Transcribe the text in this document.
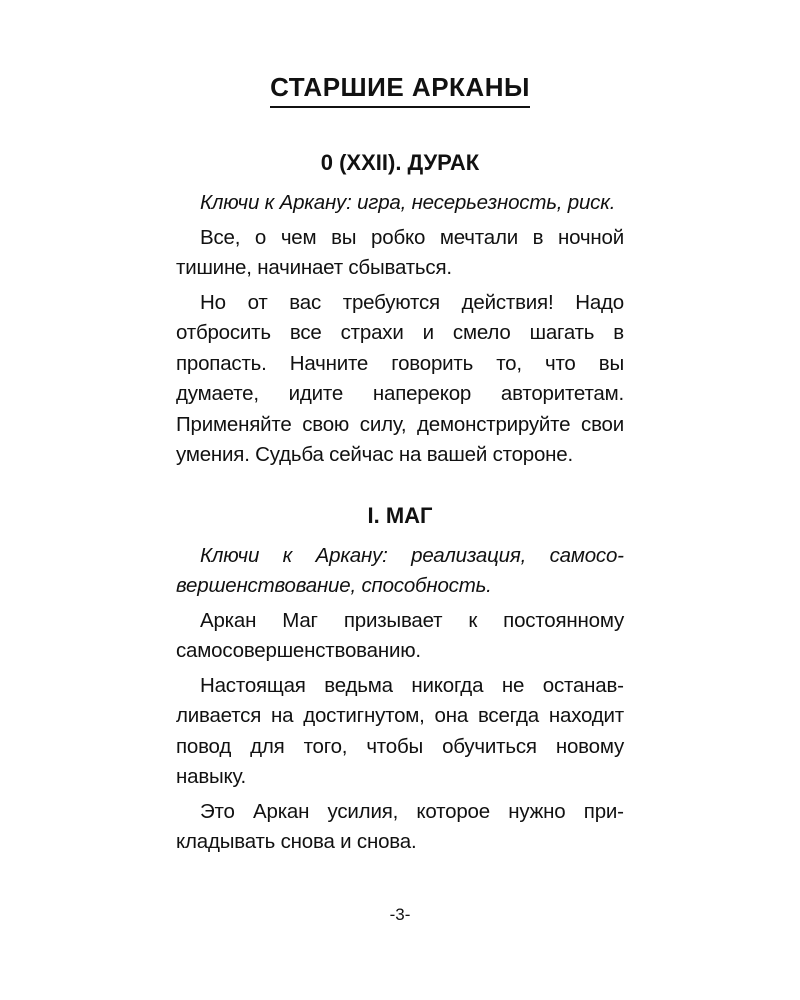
СТАРШИЕ АРКАНЫ
0 (XXII). ДУРАК

Ключи к Аркану: игра, несерьезность, риск.

Все, о чем вы робко мечтали в ночной тишине, начинает сбываться.

Но от вас требуются действия! Надо отбросить все страхи и смело шагать в пропасть. Начните говорить то, что вы думаете, идите наперекор авторитетам. Применяйте свою силу, демонстрируйте свои умения. Судьба сейчас на вашей стороне.

I. МАГ

Ключи к Аркану: реализация, самосовершенствование, способность.

Аркан Маг призывает к постоянному самосовершенствованию.

Настоящая ведьма никогда не останавливается на достигнутом, она всегда находит повод для того, чтобы обучиться новому навыку.

Это Аркан усилия, которое нужно прикладывать снова и снова.

-3-
